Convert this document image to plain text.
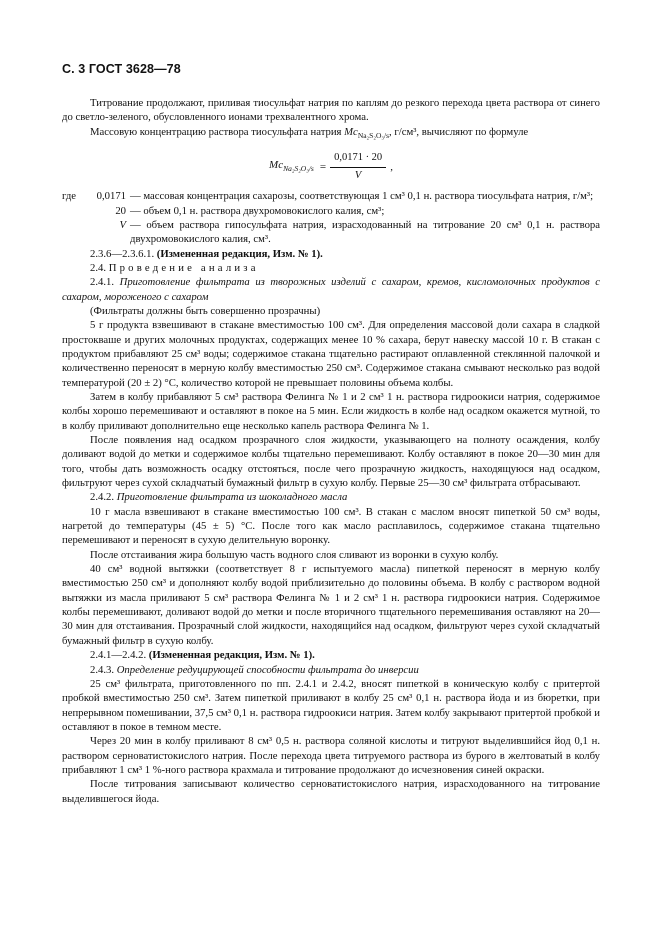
С. 3 ГОСТ 3628—78

Титрование продолжают, приливая тиосульфат натрия по каплям до резкого перехода цвета раствора от синего до светло-зеленого, обусловленного ионами трехвалентного хрома.

Массовую концентрацию раствора тиосульфата натрия $Mc_{Na_2S_2O_3/s}$, г/см³, вычисляют по формуле

$Mc_{Na_2S_2O_3/s} = \frac{0,0171 \cdot 20}{V}$ ,
где	0,0171 — массовая концентрация сахарозы, соответствующая 1 см³ 0,1 н. раствора тиосульфата натрия, г/м³;
20 — объем 0,1 н. раствора двухромовокислого калия, см³;
V — объем раствора гипосульфата натрия, израсходованный на титрование 20 см³ 0,1 н. раствора двухромовокислого калия, см³.

2.3.6—2.3.6.1. (Измененная редакция, Изм. № 1).

2.4. Проведение анализа

2.4.1. Приготовление фильтрата из творожных изделий с сахаром, кремов, кисломолочных продуктов с сахаром, мороженого с сахаром

(Фильтраты должны быть совершенно прозрачны)

5 г продукта взвешивают в стакане вместимостью 100 см³. Для определения массовой доли сахара в сладкой простокваше и других молочных продуктах, содержащих менее 10 % сахара, берут навеску массой 10 г. В стакан с продуктом прибавляют 25 см³ воды; содержимое стакана тщательно растирают оплавленной стеклянной палочкой и количественно переносят в мерную колбу вместимостью 250 см³. Содержимое стакана смывают несколько раз водой температурой (20 ± 2) °С, количество которой не превышает половины объема колбы.

Затем в колбу прибавляют 5 см³ раствора Фелинга № 1 и 2 см³ 1 н. раствора гидроокиси натрия, содержимое колбы хорошо перемешивают и оставляют в покое на 5 мин. Если жидкость в колбе над осадком окажется мутной, то в колбу приливают дополнительно еще несколько капель раствора Фелинга № 1.

После появления над осадком прозрачного слоя жидкости, указывающего на полноту осаждения, колбу доливают водой до метки и содержимое колбы тщательно перемешивают. Колбу оставляют в покое 20—30 мин для того, чтобы дать возможность осадку отстояться, после чего прозрачную жидкость, находящуюся над осадком, фильтруют через сухой складчатый бумажный фильтр в сухую колбу. Первые 25—30 см³ фильтрата отбрасывают.

2.4.2. Приготовление фильтрата из шоколадного масла

10 г масла взвешивают в стакане вместимостью 100 см³. В стакан с маслом вносят пипеткой 50 см³ воды, нагретой до температуры (45 ± 5) °С. После того как масло расплавилось, содержимое стакана тщательно перемешивают и переносят в сухую делительную воронку.

После отстаивания жира большую часть водного слоя сливают из воронки в сухую колбу.

40 см³ водной вытяжки (соответствует 8 г испытуемого масла) пипеткой переносят в мерную колбу вместимостью 250 см³ и дополняют колбу водой приблизительно до половины объема. В колбу с раствором водной вытяжки из масла приливают 5 см³ раствора Фелинга № 1 и 2 см³ 1 н. раствора гидроокиси натрия. Содержимое колбы перемешивают, доливают водой до метки и после вторичного тщательного перемешивания оставляют на 20—30 мин для отстаивания. Прозрачный слой жидкости, находящийся над осадком, фильтруют через сухой складчатый бумажный фильтр в сухую колбу.

2.4.1—2.4.2. (Измененная редакция, Изм. № 1).

2.4.3. Определение редуцирующей способности фильтрата до инверсии

25 см³ фильтрата, приготовленного по пп. 2.4.1 и 2.4.2, вносят пипеткой в коническую колбу с притертой пробкой вместимостью 250 см³. Затем пипеткой приливают в колбу 25 см³ 0,1 н. раствора йода и из бюретки, при непрерывном помешивании, 37,5 см³ 0,1 н. раствора гидроокиси натрия. Затем колбу закрывают притертой пробкой и оставляют в покое в темном месте.

Через 20 мин в колбу приливают 8 см³ 0,5 н. раствора соляной кислоты и титруют выделившийся йод 0,1 н. раствором серноватистокислого натрия. После перехода цвета титруемого раствора из бурого в желтоватый в колбу прибавляют 1 см³ 1 %-ного раствора крахмала и титрование продолжают до исчезновения синей окраски.

После титрования записывают количество серноватистокислого натрия, израсходованного на титрование выделившегося йода.
